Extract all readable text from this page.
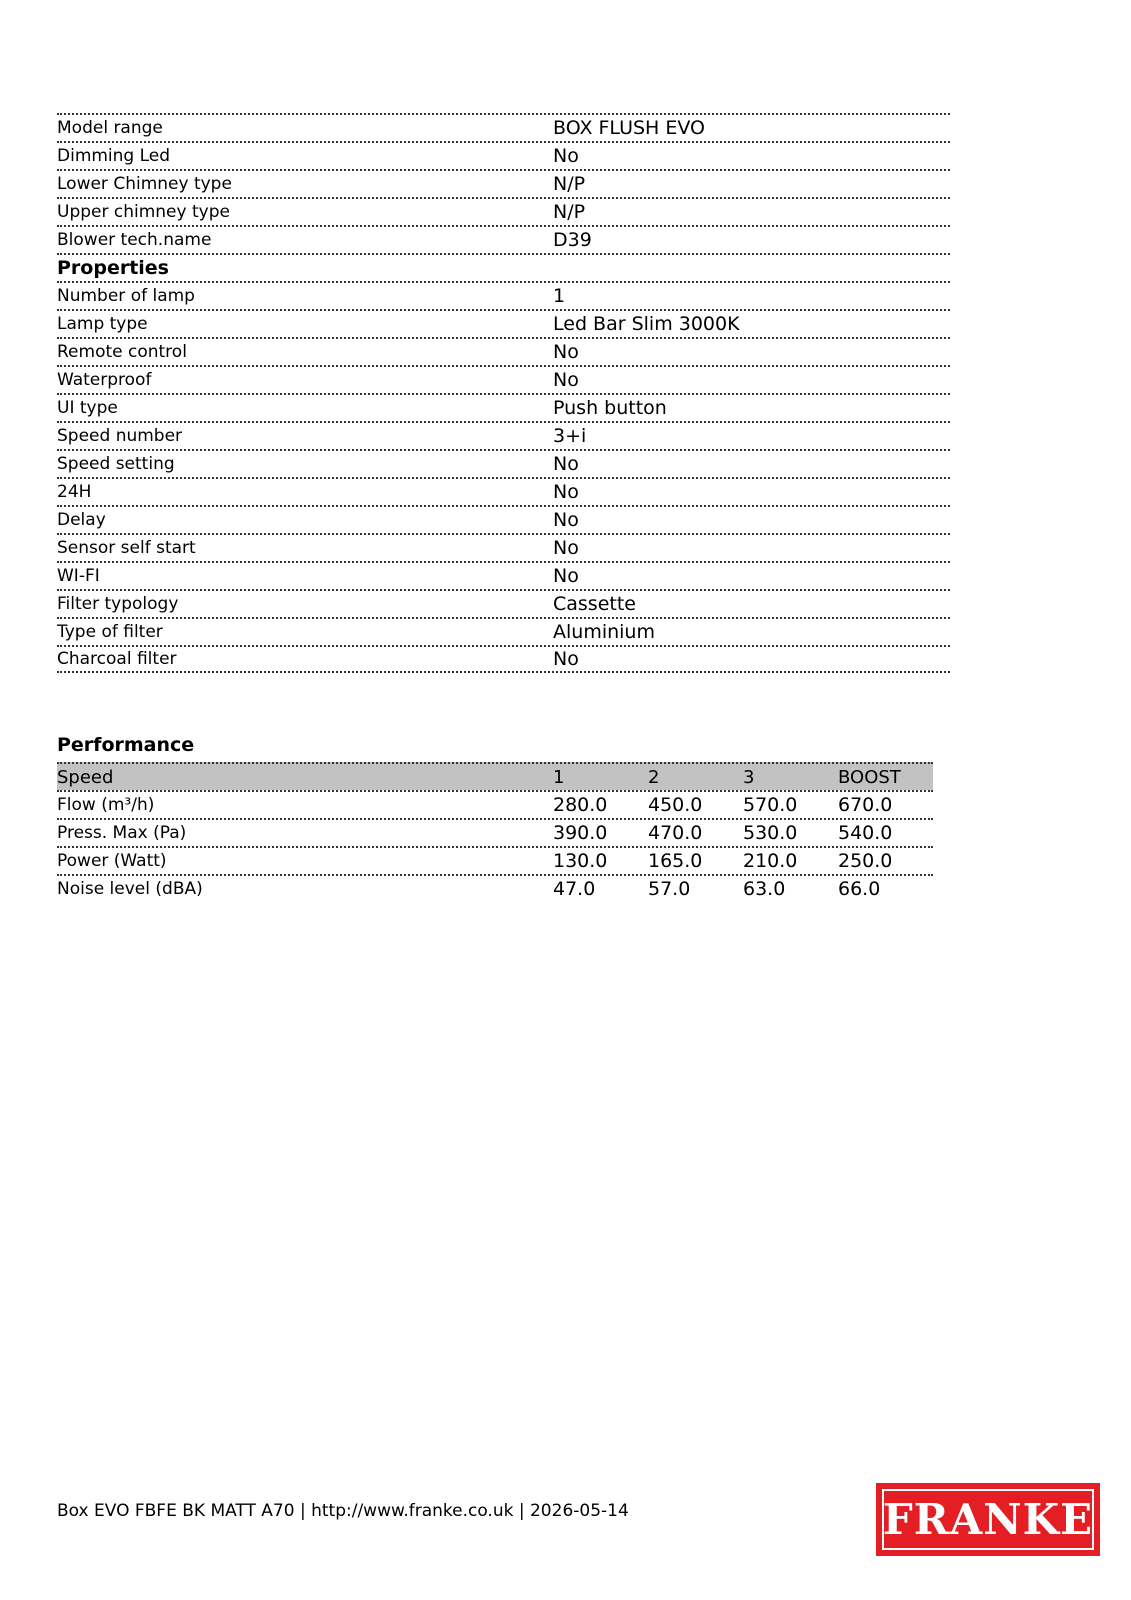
Model range	BOX FLUSH EVO
Dimming Led	No
Lower Chimney type	N/P
Upper chimney type	N/P
Blower tech.name	D39
Properties
Number of lamp	1
Lamp type	Led Bar Slim 3000K
Remote control	No
Waterproof	No
UI type	Push button
Speed number	3+i
Speed setting	No
24H	No
Delay	No
Sensor self start	No
WI-FI	No
Filter typology	Cassette
Type of filter	Aluminium
Charcoal filter	No
Performance
Speed	1	2	3	BOOST
Flow (m³/h)	280.0	450.0	570.0	670.0
Press. Max (Pa)	390.0	470.0	530.0	540.0
Power (Watt)	130.0	165.0	210.0	250.0
Noise level (dBA)	47.0	57.0	63.0	66.0
Box EVO FBFE BK MATT A70 | http://www.franke.co.uk | 2026-05-14	FRANKE
